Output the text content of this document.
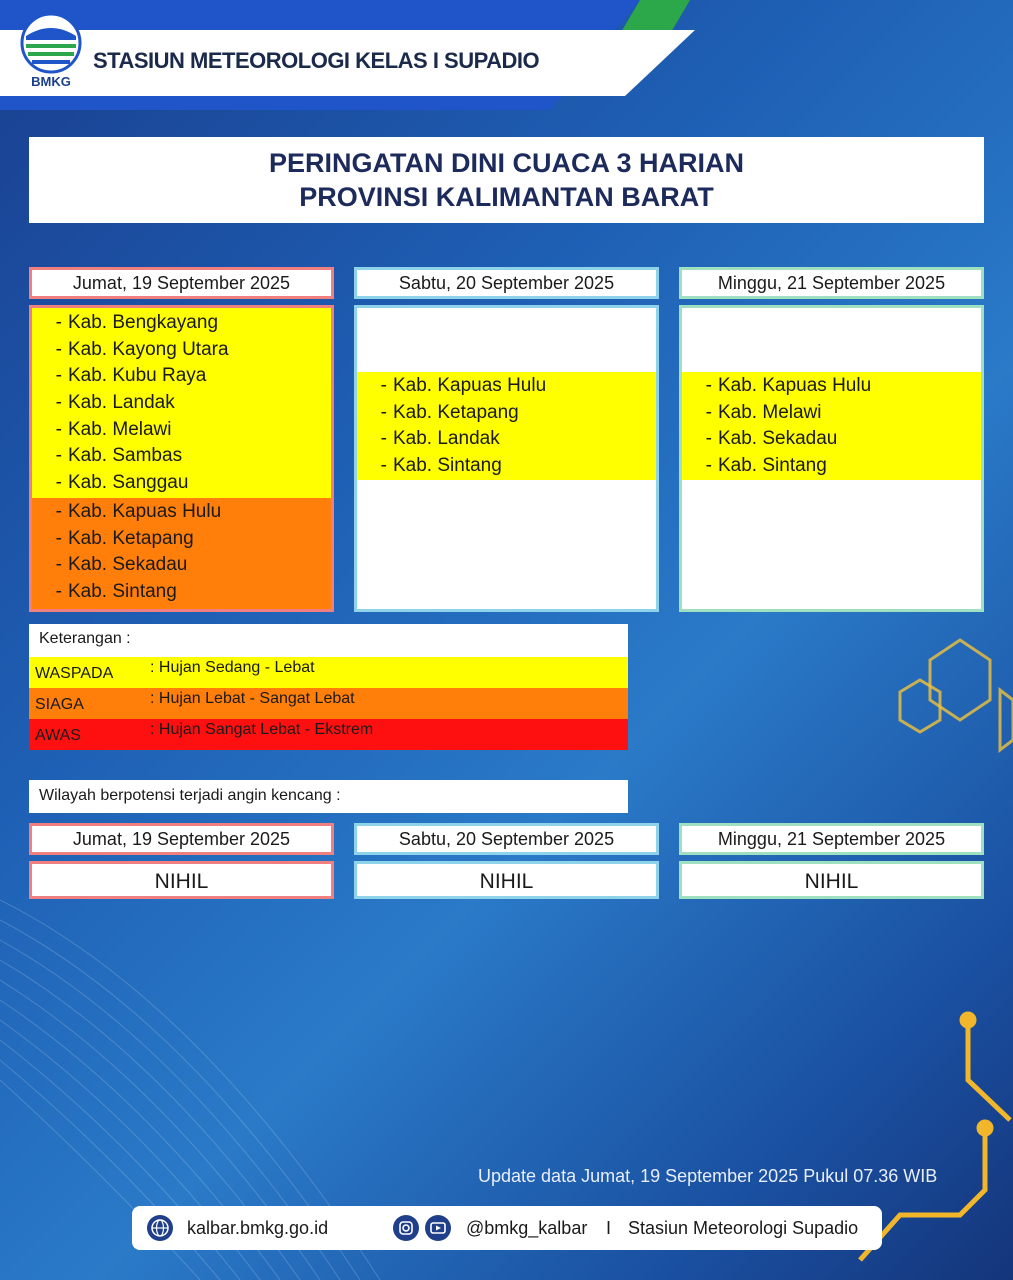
BMKG
STASIUN METEOROLOGI KELAS I SUPADIO
PERINGATAN DINI CUACA 3 HARIAN
PROVINSI KALIMANTAN BARAT
Jumat, 19 September 2025
- Kab. Bengkayang
- Kab. Kayong Utara
- Kab. Kubu Raya
- Kab. Landak
- Kab. Melawi
- Kab. Sambas
- Kab. Sanggau
- Kab. Kapuas Hulu
- Kab. Ketapang
- Kab. Sekadau
- Kab. Sintang
Sabtu, 20 September 2025
- Kab. Kapuas Hulu
- Kab. Ketapang
- Kab. Landak
- Kab. Sintang
Minggu, 21 September 2025
- Kab. Kapuas Hulu
- Kab. Melawi
- Kab. Sekadau
- Kab. Sintang
Keterangan :
WASPADA : Hujan Sedang - Lebat
SIAGA	: Hujan Lebat - Sangat Lebat
AWAS	: Hujan Sangat Lebat - Ekstrem
Wilayah berpotensi terjadi angin kencang :
Jumat, 19 September 2025	Sabtu, 20 September 2025	Minggu, 21 September 2025
NIHIL	NIHIL	NIHIL
Update data Jumat, 19 September 2025 Pukul 07.36 WIB
kalbar.bmkg.go.id	@bmkg_kalbar I Stasiun Meteorologi Supadio
